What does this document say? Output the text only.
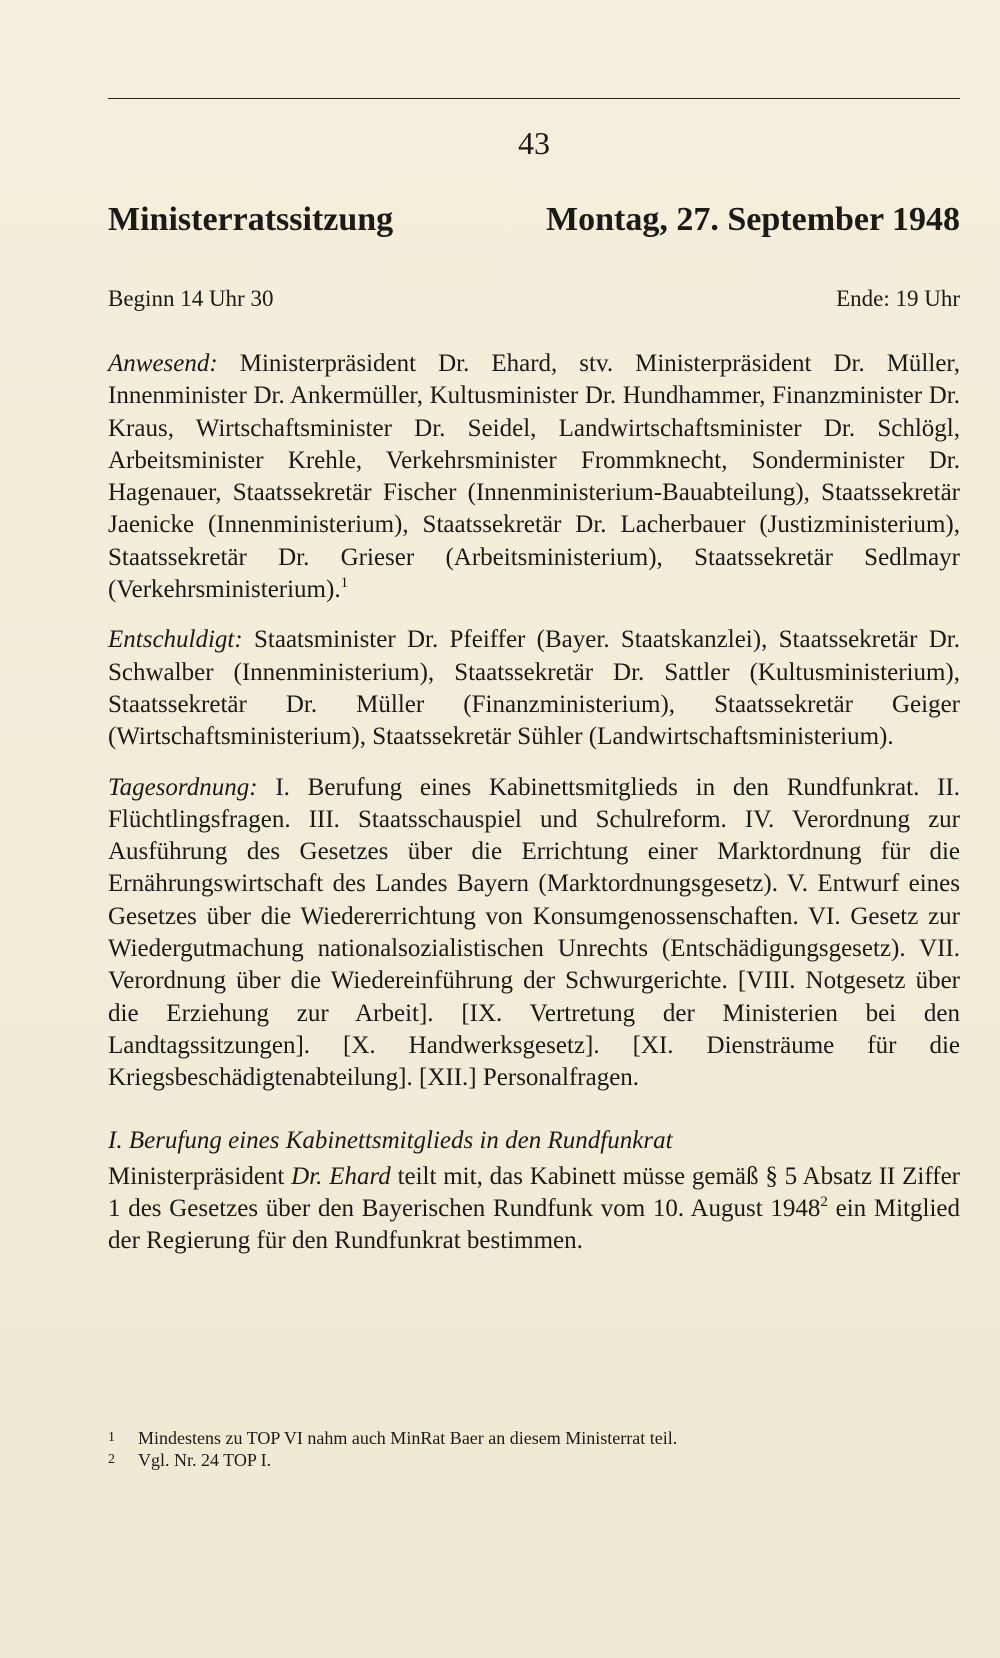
43
Ministerratssitzung	Montag, 27. September 1948
Beginn 14 Uhr 30	Ende: 19 Uhr

Anwesend: Ministerpräsident Dr. Ehard, stv. Ministerpräsident Dr. Müller, Innenminister Dr. Ankermüller, Kultusminister Dr. Hundhammer, Finanzminister Dr. Kraus, Wirtschaftsminister Dr. Seidel, Landwirtschaftsminister Dr. Schlögl, Arbeitsminister Krehle, Verkehrsminister Frommknecht, Sonderminister Dr. Hagenauer, Staatssekretär Fischer (Innenministerium-Bauabteilung), Staatssekretär Jaenicke (Innenministerium), Staatssekretär Dr. Lacherbauer (Justizministerium), Staatssekretär Dr. Grieser (Arbeitsministerium), Staatssekretär Sedlmayr (Verkehrsministerium).$^1$

Entschuldigt: Staatsminister Dr. Pfeiffer (Bayer. Staatskanzlei), Staatssekretär Dr. Schwalber (Innenministerium), Staatssekretär Dr. Sattler (Kultusministerium), Staatssekretär Dr. Müller (Finanzministerium), Staatssekretär Geiger (Wirtschaftsministerium), Staatssekretär Sühler (Landwirtschaftsministerium).

Tagesordnung: I. Berufung eines Kabinettsmitglieds in den Rundfunkrat. II. Flüchtlingsfragen. III. Staatsschauspiel und Schulreform. IV. Verordnung zur Ausführung des Gesetzes über die Errichtung einer Marktordnung für die Ernährungswirtschaft des Landes Bayern (Marktordnungsgesetz). V. Entwurf eines Gesetzes über die Wiedererrichtung von Konsumgenossenschaften. VI. Gesetz zur Wiedergutmachung nationalsozialistischen Unrechts (Entschädigungsgesetz). VII. Verordnung über die Wiedereinführung der Schwurgerichte. [VIII. Notgesetz über die Erziehung zur Arbeit]. [IX. Vertretung der Ministerien bei den Landtagssitzungen]. [X. Handwerksgesetz]. [XI. Diensträume für die Kriegsbeschädigtenabteilung]. [XII.] Personalfragen.

I. Berufung eines Kabinettsmitglieds in den Rundfunkrat

Ministerpräsident Dr. Ehard teilt mit, das Kabinett müsse gemäß § 5 Absatz II Ziffer 1 des Gesetzes über den Bayerischen Rundfunk vom 10. August 1948$^2$ ein Mitglied der Regierung für den Rundfunkrat bestimmen.

1	Mindestens zu TOP VI nahm auch MinRat Baer an diesem Ministerrat teil.
2	Vgl. Nr. 24 TOP I.
